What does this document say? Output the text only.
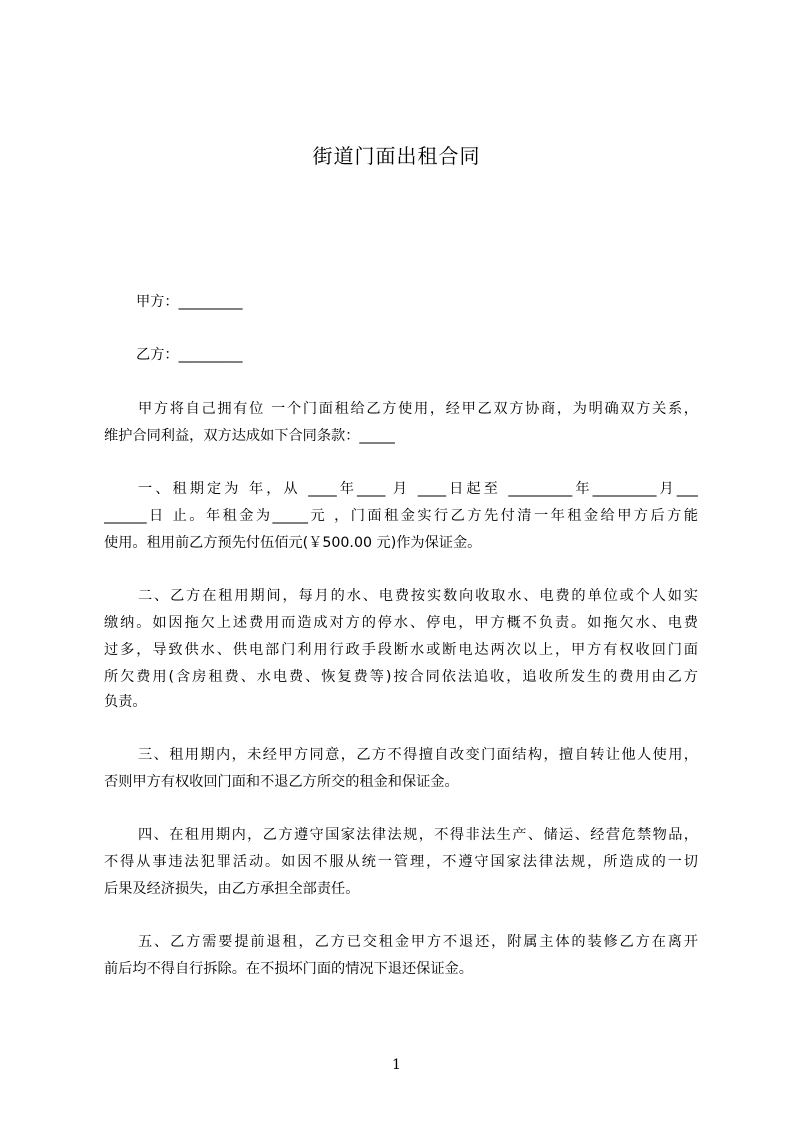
街道门面出租合同
甲方：_________
乙方：_________
甲方将自己拥有位 一个门面租给乙方使用，经甲乙双方协商，为明确双方关系，
维护合同利益，双方达成如下合同条款：_____
一、租期定为 年，从 ____年____ 月 ____日起至 _________年_________月___
______日 止。年租金为_____元 ，门面租金实行乙方先付清一年租金给甲方后方能
使用。租用前乙方预先付伍佰元(￥500.00 元)作为保证金。
二、乙方在租用期间，每月的水、电费按实数向收取水、电费的单位或个人如实
缴纳。如因拖欠上述费用而造成对方的停水、停电，甲方概不负责。如拖欠水、电费
过多，导致供水、供电部门利用行政手段断水或断电达两次以上，甲方有权收回门面
所欠费用(含房租费、水电费、恢复费等)按合同依法追收，追收所发生的费用由乙方
负责。
三、租用期内，未经甲方同意，乙方不得擅自改变门面结构，擅自转让他人使用，
否则甲方有权收回门面和不退乙方所交的租金和保证金。
四、在租用期内，乙方遵守国家法律法规，不得非法生产、储运、经营危禁物品，
不得从事违法犯罪活动。如因不服从统一管理，不遵守国家法律法规，所造成的一切
后果及经济损失，由乙方承担全部责任。
五、乙方需要提前退租，乙方已交租金甲方不退还，附属主体的装修乙方在离开
前后均不得自行拆除。在不损坏门面的情况下退还保证金。
1
